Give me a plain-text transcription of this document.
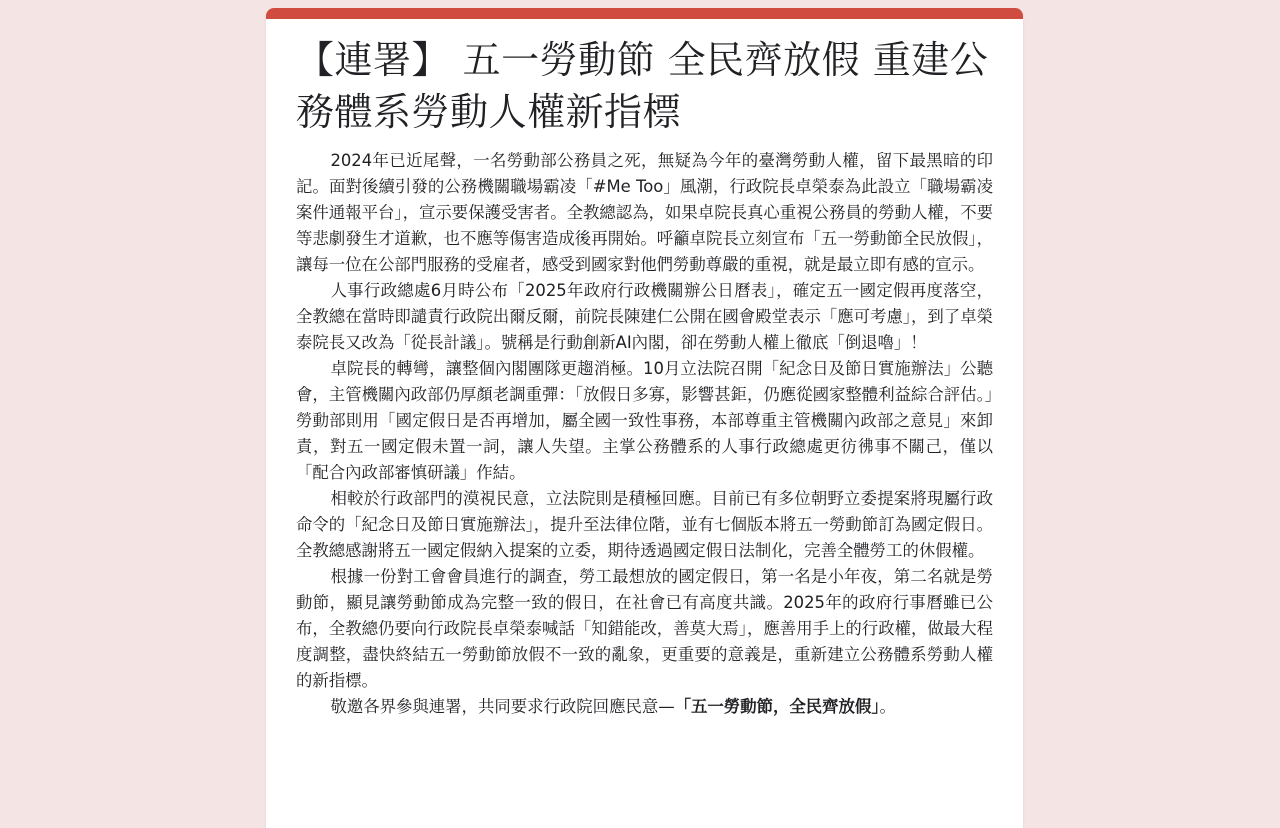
【連署】 五一勞動節 全民齊放假 重建公務體系勞動人權新指標

2024年已近尾聲，一名勞動部公務員之死，無疑為今年的臺灣勞動人權，留下最黑暗的印記。面對後續引發的公務機關職場霸凌「#Me Too」風潮，行政院長卓榮泰為此設立「職場霸凌案件通報平台」，宣示要保護受害者。全教總認為，如果卓院長真心重視公務員的勞動人權，不要等悲劇發生才道歉，也不應等傷害造成後再開始。呼籲卓院長立刻宣布「五一勞動節全民放假」，讓每一位在公部門服務的受雇者，感受到國家對他們勞動尊嚴的重視，就是最立即有感的宣示。

人事行政總處6月時公布「2025年政府行政機關辦公日曆表」，確定五一國定假再度落空，全教總在當時即譴責行政院出爾反爾，前院長陳建仁公開在國會殿堂表示「應可考慮」，到了卓榮泰院長又改為「從長計議」。號稱是行動創新AI內閣，卻在勞動人權上徹底「倒退嚕」！

卓院長的轉彎，讓整個內閣團隊更趨消極。10月立法院召開「紀念日及節日實施辦法」公聽會，主管機關內政部仍厚顏老調重彈：「放假日多寡，影響甚鉅，仍應從國家整體利益綜合評估。」勞動部則用「國定假日是否再增加，屬全國一致性事務，本部尊重主管機關內政部之意見」來卸責，對五一國定假未置一詞，讓人失望。主掌公務體系的人事行政總處更彷彿事不關己，僅以「配合內政部審慎研議」作結。

相較於行政部門的漠視民意，立法院則是積極回應。目前已有多位朝野立委提案將現屬行政命令的「紀念日及節日實施辦法」，提升至法律位階，並有七個版本將五一勞動節訂為國定假日。全教總感謝將五一國定假納入提案的立委，期待透過國定假日法制化，完善全體勞工的休假權。

根據一份對工會會員進行的調查，勞工最想放的國定假日，第一名是小年夜，第二名就是勞動節，顯見讓勞動節成為完整一致的假日，在社會已有高度共識。2025年的政府行事曆雖已公布，全教總仍要向行政院長卓榮泰喊話「知錯能改，善莫大焉」，應善用手上的行政權，做最大程度調整，盡快終結五一勞動節放假不一致的亂象，更重要的意義是，重新建立公務體系勞動人權的新指標。

敬邀各界參與連署，共同要求行政院回應民意—「五一勞動節，全民齊放假」。
